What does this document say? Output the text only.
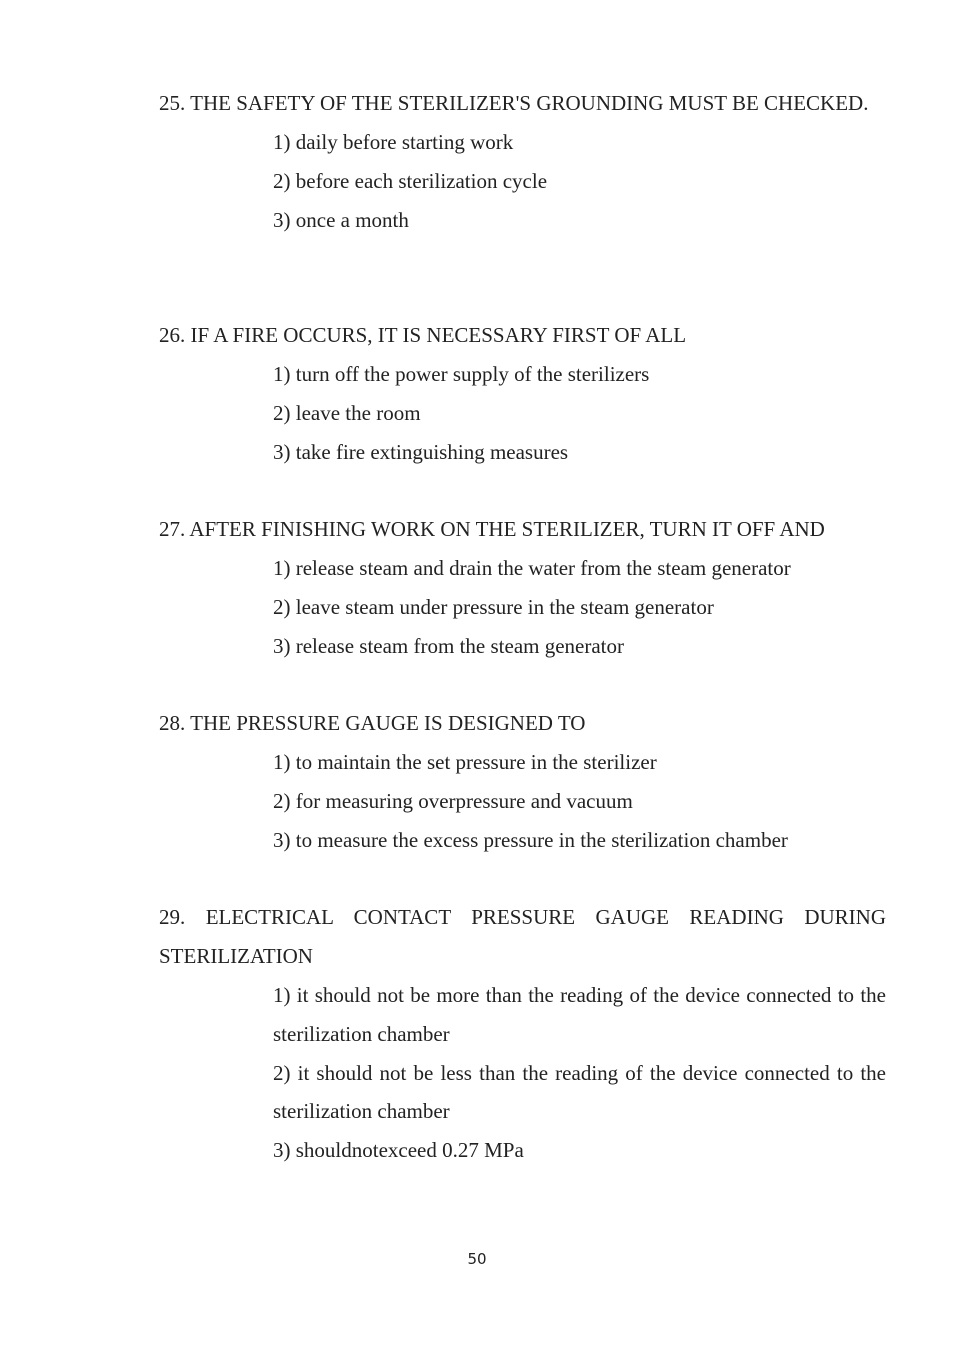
25. THE SAFETY OF THE STERILIZER'S GROUNDING MUST BE CHECKED.

1) daily before starting work
2) before each sterilization cycle
3) once a month

26. IF A FIRE OCCURS, IT IS NECESSARY FIRST OF ALL

1) turn off the power supply of the sterilizers
2) leave the room
3) take fire extinguishing measures

27. AFTER FINISHING WORK ON THE STERILIZER, TURN IT OFF AND

1) release steam and drain the water from the steam generator
2) leave steam under pressure in the steam generator
3) release steam from the steam generator

28. THE PRESSURE GAUGE IS DESIGNED TO

1) to maintain the set pressure in the sterilizer
2) for measuring overpressure and vacuum
3) to measure the excess pressure in the sterilization chamber

29. ELECTRICAL CONTACT PRESSURE GAUGE READING DURING STERILIZATION

1) it should not be more than the reading of the device connected to the sterilization chamber
2) it should not be less than the reading of the device connected to the sterilization chamber
3) shouldnotexceed 0.27 MPa
50
